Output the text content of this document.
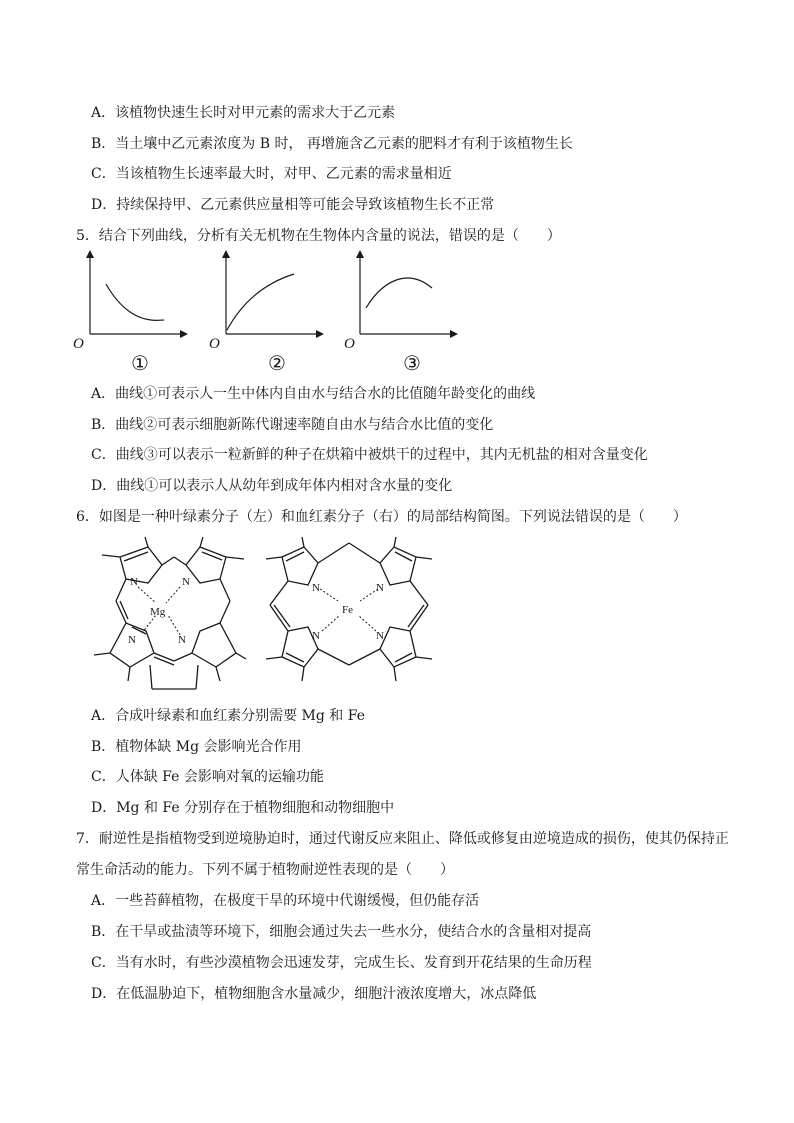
A．该植物快速生长时对甲元素的需求大于乙元素
B．当土壤中乙元素浓度为 B 时， 再增施含乙元素的肥料才有利于该植物生长
C．当该植物生长速率最大时，对甲、乙元素的需求量相近
D．持续保持甲、乙元素供应量相等可能会导致该植物生长不正常
5．结合下列曲线，分析有关无机物在生物体内含量的说法，错误的是（　　）
O
①
O
②
O
③
A．曲线①可表示人一生中体内自由水与结合水的比值随年龄变化的曲线
B．曲线②可表示细胞新陈代谢速率随自由水与结合水比值的变化
C．曲线③可以表示一粒新鲜的种子在烘箱中被烘干的过程中，其内无机盐的相对含量变化
D．曲线①可以表示人从幼年到成年体内相对含水量的变化
6．如图是一种叶绿素分子（左）和血红素分子（右）的局部结构简图。下列说法错误的是（　　）
N	N
N	N
Mg
N	N
N	N
Fe
A．合成叶绿素和血红素分别需要 Mg 和 Fe
B．植物体缺 Mg 会影响光合作用
C．人体缺 Fe 会影响对氧的运输功能
D．Mg 和 Fe 分别存在于植物细胞和动物细胞中
7．耐逆性是指植物受到逆境胁迫时，通过代谢反应来阻止、降低或修复由逆境造成的损伤，使其仍保持正
常生命活动的能力。下列不属于植物耐逆性表现的是（　　）
A．一些苔藓植物，在极度干旱的环境中代谢缓慢，但仍能存活
B．在干旱或盐渍等环境下，细胞会通过失去一些水分，使结合水的含量相对提高
C．当有水时，有些沙漠植物会迅速发芽，完成生长、发育到开花结果的生命历程
D．在低温胁迫下，植物细胞含水量减少，细胞汁液浓度增大，冰点降低
